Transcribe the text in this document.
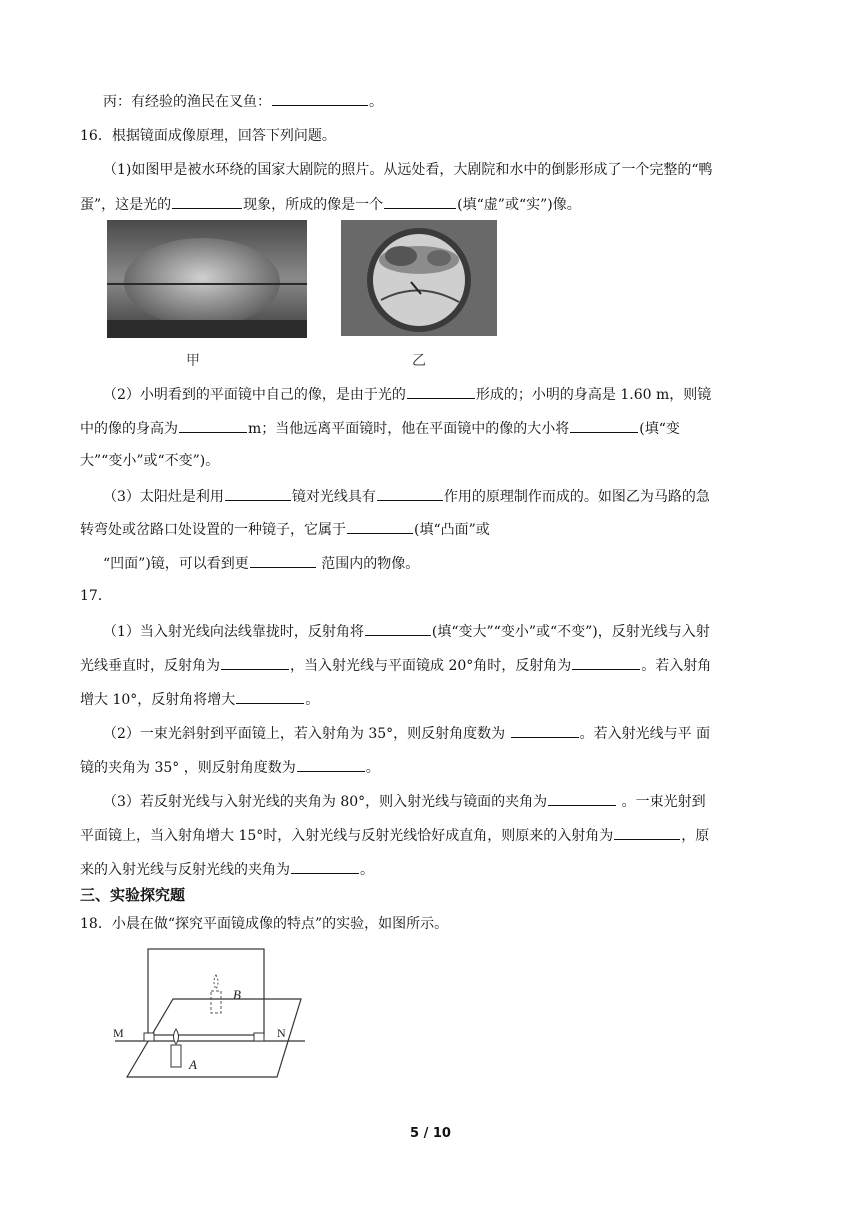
丙：有经验的渔民在叉鱼：	。
16．根据镜面成像原理，回答下列问题。
（1)如图甲是被水环绕的国家大剧院的照片。从远处看，大剧院和水中的倒影形成了一个完整的“鸭
蛋”，这是光的	现象，所成的像是一个	(填“虚”或“实”)像。
甲	乙
（2）小明看到的平面镜中自己的像，是由于光的	形成的；小明的身高是 1.60 m，则镜
中的像的身高为	m；当他远离平面镜时，他在平面镜中的像的大小将	(填“变
大”“变小”或“不变”)。
（3）太阳灶是利用	镜对光线具有	作用的原理制作而成的。如图乙为马路的急
转弯处或岔路口处设置的一种镜子，它属于	(填“凸面”或
“凹面”)镜，可以看到更	范围内的物像。
17．
（1）当入射光线向法线靠拢时，反射角将	(填“变大”“变小”或“不变”)，反射光线与入射
光线垂直时，反射角为	，当入射光线与平面镜成 20°角时，反射角为	。若入射角
增大 10°，反射角将增大	。
（2）一束光斜射到平面镜上，若入射角为 35°，则反射角度数为	。若入射光线与平 面
镜的夹角为 35° ，则反射角度数为	。
（3）若反射光线与入射光线的夹角为 80°，则入射光线与镜面的夹角为	。一束光射到
平面镜上，当入射角增大 15°时，入射光线与反射光线恰好成直角，则原来的入射角为	，原
来的入射光线与反射光线的夹角为	。
三、实验探究题
18．小晨在做“探究平面镜成像的特点”的实验，如图所示。
M	N
A
B
5 / 10
